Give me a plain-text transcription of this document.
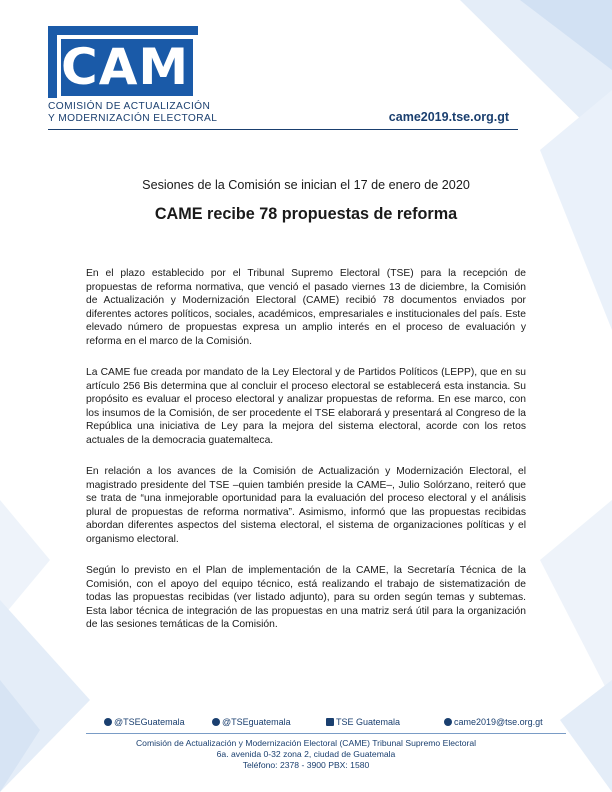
CAME
COMISIÓN DE ACTUALIZACIÓN
Y MODERNIZACIÓN ELECTORAL	came2019.tse.org.gt
Sesiones de la Comisión se inician el 17 de enero de 2020
CAME recibe 78 propuestas de reforma

En el plazo establecido por el Tribunal Supremo Electoral (TSE) para la recepción de propuestas de reforma normativa, que venció el pasado viernes 13 de diciembre, la Comisión de Actualización y Modernización Electoral (CAME) recibió 78 documentos enviados por diferentes actores políticos, sociales, académicos, empresariales e institucionales del país. Este elevado número de propuestas expresa un amplio interés en el proceso de evaluación y reforma en el marco de la Comisión.

La CAME fue creada por mandato de la Ley Electoral y de Partidos Políticos (LEPP), que en su artículo 256 Bis determina que al concluir el proceso electoral se establecerá esta instancia. Su propósito es evaluar el proceso electoral y analizar propuestas de reforma. En ese marco, con los insumos de la Comisión, de ser procedente el TSE elaborará y presentará al Congreso de la República una iniciativa de Ley para la mejora del sistema electoral, acorde con los retos actuales de la democracia guatemalteca.

En relación a los avances de la Comisión de Actualización y Modernización Electoral, el magistrado presidente del TSE –quien también preside la CAME–, Julio Solórzano, reiteró que se trata de “una inmejorable oportunidad para la evaluación del proceso electoral y el análisis plural de propuestas de reforma normativa”. Asimismo, informó que las propuestas recibidas abordan diferentes aspectos del sistema electoral, el sistema de organizaciones políticas y el organismo electoral.

Según lo previsto en el Plan de implementación de la CAME, la Secretaría Técnica de la Comisión, con el apoyo del equipo técnico, está realizando el trabajo de sistematización de todas las propuestas recibidas (ver listado adjunto), para su orden según temas y subtemas. Esta labor técnica de integración de las propuestas en una matriz será útil para la organización de las sesiones temáticas de la Comisión.

@TSEGuatemala	@TSEguatemala	TSE Guatemala	came2019@tse.org.gt
Comisión de Actualización y Modernización Electoral (CAME) Tribunal Supremo Electoral
6a. avenida 0-32 zona 2, ciudad de Guatemala
Teléfono: 2378 - 3900 PBX: 1580
